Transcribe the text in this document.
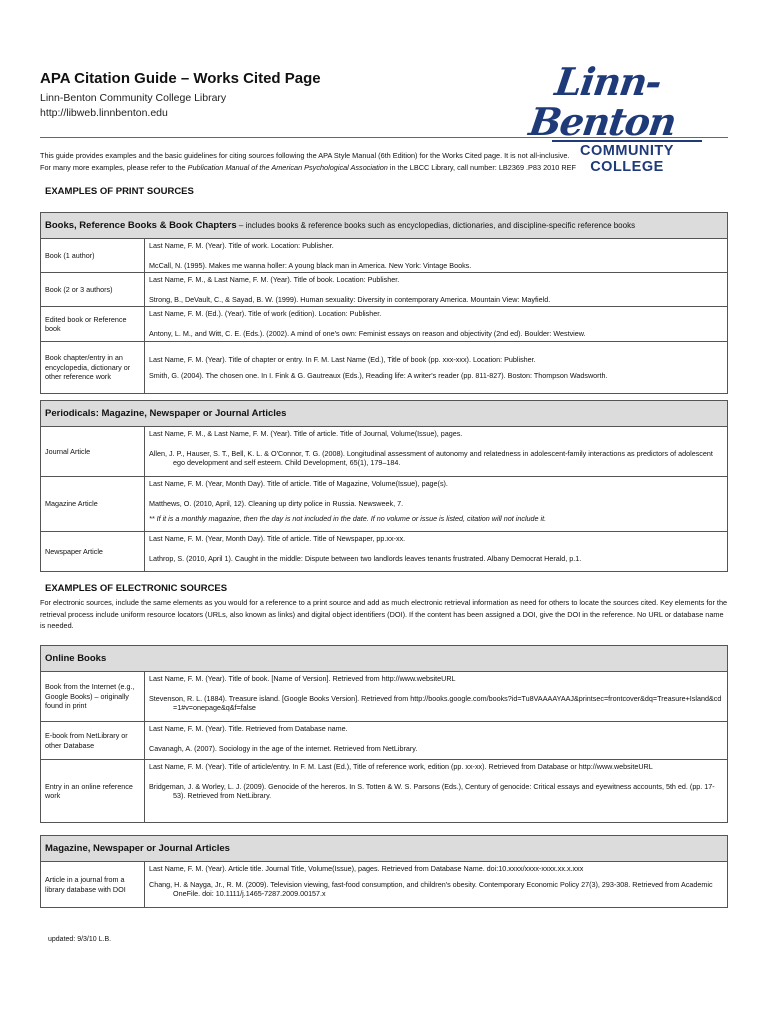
APA Citation Guide – Works Cited Page
Linn-Benton Community College Library
http://libweb.linnbenton.edu
Linn-Benton
COMMUNITY COLLEGE
This guide provides examples and the basic guidelines for citing sources following the APA Style Manual (6th Edition) for the Works Cited page. It is not all-inclusive.
For many more examples, please refer to the Publication Manual of the American Psychological Association in the LBCC Library, call number: LB2369 .P83 2010 REF
EXAMPLES OF PRINT SOURCES
Books, Reference Books & Book Chapters – includes books & reference books such as encyclopedias, dictionaries, and discipline-specific reference books	
Book (1 author)	Last Name, F. M. (Year). Title of work. Location: Publisher.
McCall, N. (1995). Makes me wanna holler: A young black man in America. New York: Vintage Books.

Book (2 or 3 authors)	Last Name, F. M., & Last Name, F. M. (Year). Title of book. Location: Publisher.
Strong, B., DeVault, C., & Sayad, B. W. (1999). Human sexuality: Diversity in contemporary America. Mountain View: Mayfield.

Edited book or Reference book	Last Name, F. M. (Ed.). (Year). Title of work (edition). Location: Publisher.
Antony, L. M., and Witt, C. E. (Eds.). (2002). A mind of one's own: Feminist essays on reason and objectivity (2nd ed). Boulder: Westview.

Book chapter/entry in an encyclopedia, dictionary or other reference work	Last Name, F. M. (Year). Title of chapter or entry. In F. M. Last Name (Ed.), Title of book (pp. xxx-xxx). Location: Publisher.
Smith, G. (2004). The chosen one. In I. Fink & G. Gautreaux (Eds.), Reading life: A writer's reader (pp. 811-827). Boston: Thompson Wadsworth.
Periodicals: Magazine, Newspaper or Journal Articles	
Journal Article	Last Name, F. M., & Last Name, F. M. (Year). Title of article. Title of Journal, Volume(Issue), pages.
Allen, J. P., Hauser, S. T., Bell, K. L. & O'Connor, T. G. (2008). Longitudinal assessment of autonomy and relatedness in adolescent-family interactions as predictors of adolescent ego development and self esteem. Child Development, 65(1), 179–184.

Magazine Article	Last Name, F. M. (Year, Month Day). Title of article. Title of Magazine, Volume(Issue), page(s).
Matthews, O. (2010, April, 12). Cleaning up dirty police in Russia. Newsweek, 7.
** If it is a monthly magazine, then the day is not included in the date. If no volume or issue is listed, citation will not include it.

Newspaper Article	Last Name, F. M. (Year, Month Day). Title of article. Title of Newspaper, pp.xx-xx.
Lathrop, S. (2010, April 1). Caught in the middle: Dispute between two landlords leaves tenants frustrated. Albany Democrat Herald, p.1.
EXAMPLES OF ELECTRONIC SOURCES
For electronic sources, include the same elements as you would for a reference to a print source and add as much electronic retrieval information as need for others to locate the sources cited. Key elements for the retrieval process include uniform resource locators (URLs, also known as links) and digital object identifiers (DOI). If the content has been assigned a DOI, give the DOI in the reference. No URL or database name is needed.
Online Books	
Book from the Internet (e.g., Google Books) – originally found in print	Last Name, F. M. (Year). Title of book. [Name of Version]. Retrieved from http://www.websiteURL
Stevenson, R. L. (1884). Treasure island. [Google Books Version]. Retrieved from http://books.google.com/books?id=Tu8VAAAAYAAJ&printsec=frontcover&dq=Treasure+Island&cd=1#v=onepage&q&f=false

E-book from NetLibrary or other Database	Last Name, F. M. (Year). Title. Retrieved from Database name.
Cavanagh, A. (2007). Sociology in the age of the internet. Retrieved from NetLibrary.

Entry in an online reference work	Last Name, F. M. (Year). Title of article/entry. In F. M. Last (Ed.), Title of reference work, edition (pp. xx-xx). Retrieved from Database or http://www.websiteURL
Bridgeman, J. & Worley, L. J. (2009). Genocide of the hereros. In S. Totten & W. S. Parsons (Eds.), Century of genocide: Critical essays and eyewitness accounts, 5th ed. (pp. 17-53). Retrieved from NetLibrary.
Magazine, Newspaper or Journal Articles
Article in a journal from a library database with DOI	
Last Name, F. M. (Year). Article title. Journal Title, Volume(Issue), pages. Retrieved from Database Name. doi:10.xxxx/xxxx-xxxx.xx.x.xxx
Chang, H. & Nayga, Jr., R. M. (2009). Television viewing, fast-food consumption, and children's obesity. Contemporary Economic Policy 27(3), 293-308. Retrieved from Academic OneFile. doi: 10.1111/j.1465-7287.2009.00157.x
updated: 9/3/10 L.B.
